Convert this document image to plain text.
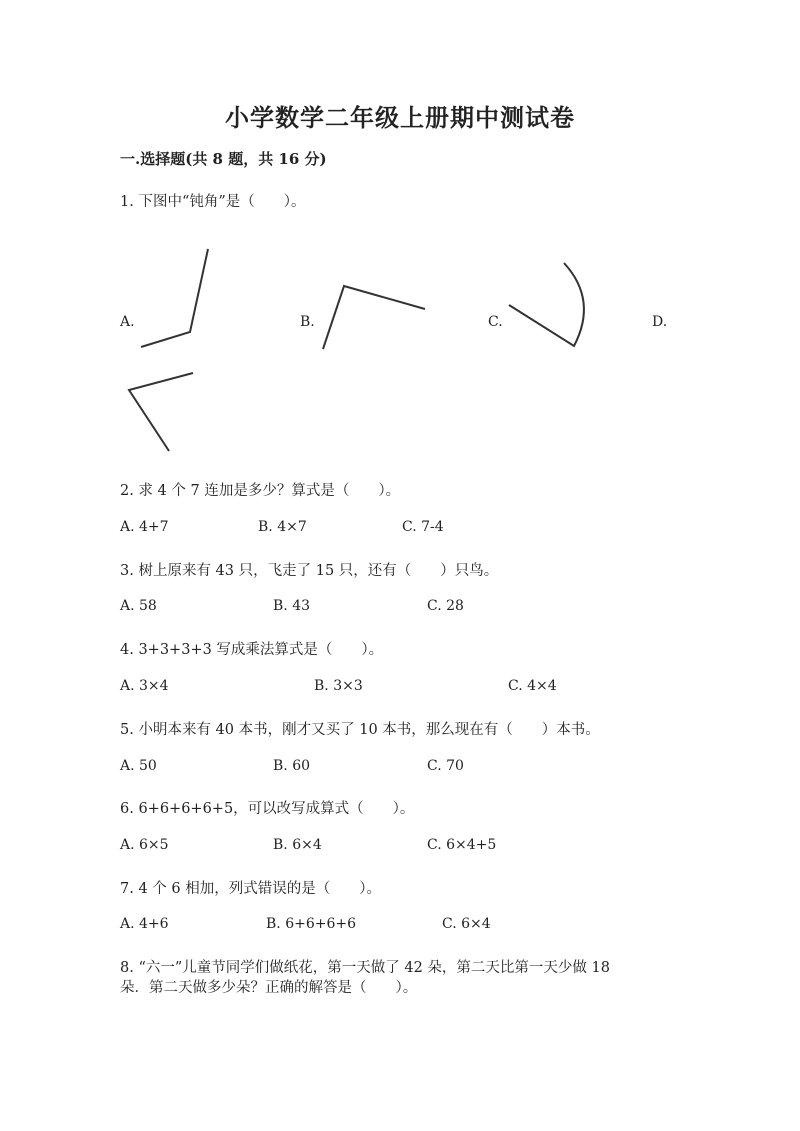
小学数学二年级上册期中测试卷
一.选择题(共 8 题，共 16 分)
1. 下图中“钝角”是（　　）。
A.	B.	C.	D.
2. 求 4 个 7 连加是多少？算式是（　　）。
A. 4+7	B. 4×7	C. 7-4
3. 树上原来有 43 只，飞走了 15 只，还有（　　）只鸟。
A. 58	B. 43	C. 28
4. 3+3+3+3 写成乘法算式是（　　）。
A. 3×4	B. 3×3	C. 4×4
5. 小明本来有 40 本书，刚才又买了 10 本书，那么现在有（　　）本书。
A. 50	B. 60	C. 70
6. 6+6+6+6+5，可以改写成算式（　　）。
A. 6×5	B. 6×4	C. 6×4+5
7. 4 个 6 相加，列式错误的是（　　）。
A. 4+6	B. 6+6+6+6	C. 6×4
8. “六一”儿童节同学们做纸花，第一天做了 42 朵，第二天比第一天少做 18
朵．第二天做多少朵？正确的解答是（　　）。
